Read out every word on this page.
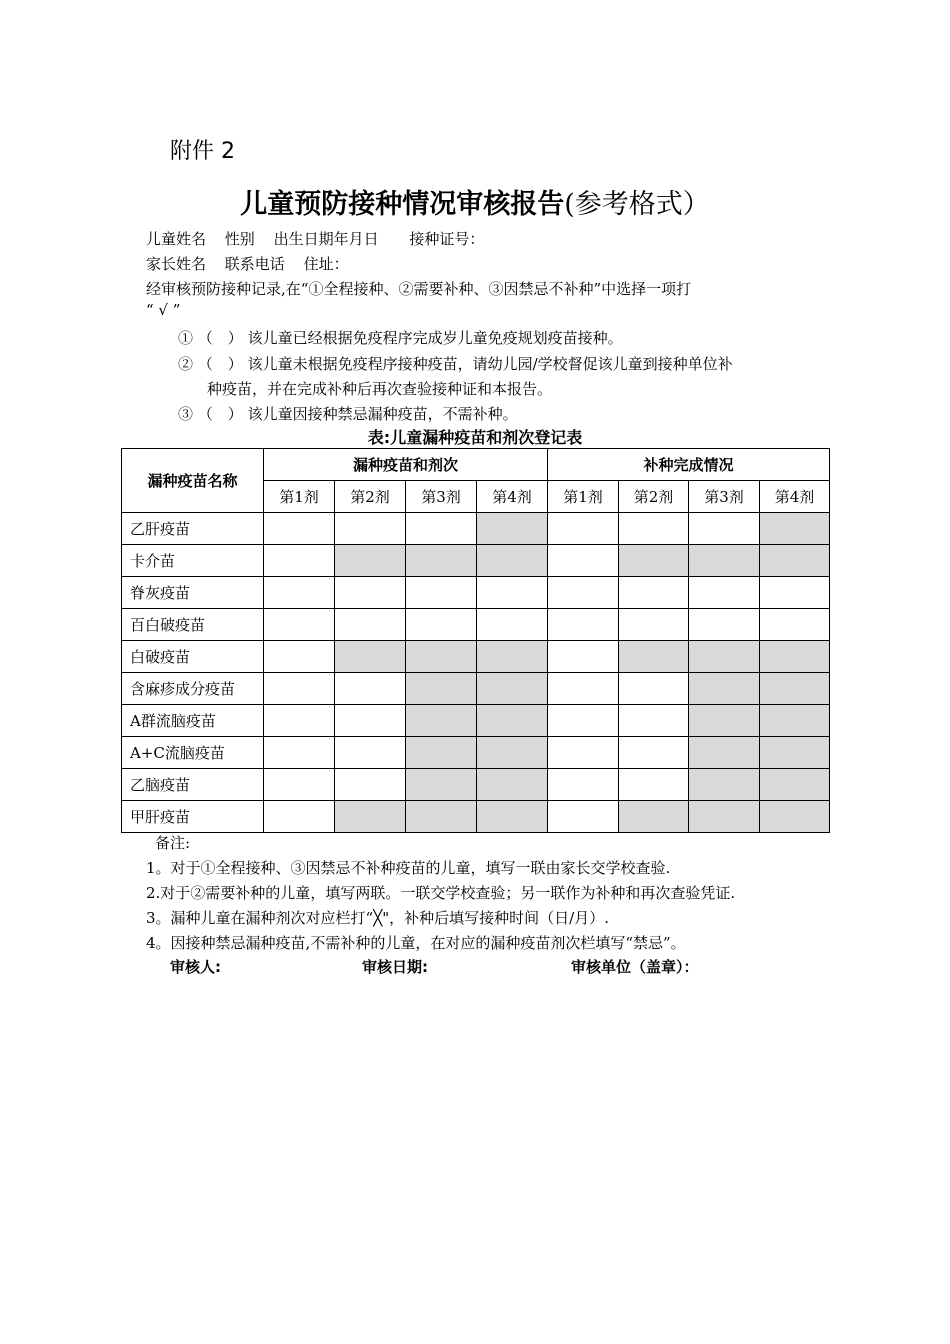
附件 2
儿童预防接种情况审核报告(参考格式）
儿童姓名 性别 出生日期年月日 接种证号：
家长姓名 联系电话 住址：
经审核预防接种记录,在“①全程接种、②需要补种、③因禁忌不补种”中选择一项打
“ √ ”
① （　） 该儿童已经根据免疫程序完成岁儿童免疫规划疫苗接种。
② （　） 该儿童未根据免疫程序接种疫苗，请幼儿园/学校督促该儿童到接种单位补
种疫苗，并在完成补种后再次查验接种证和本报告。
③ （　） 该儿童因接种禁忌漏种疫苗，不需补种。
表:儿童漏种疫苗和剂次登记表
漏种疫苗名称	漏种疫苗和剂次				补种完成情况			
	第1剂	第2剂	第3剂	第4剂	第1剂	第2剂	第3剂	第4剂
乙肝疫苗								
卡介苗								
脊灰疫苗								
百白破疫苗								
白破疫苗								
含麻疹成分疫苗								
A群流脑疫苗								
A+C流脑疫苗								
乙脑疫苗								
甲肝疫苗								
备注:
1。对于①全程接种、③因禁忌不补种疫苗的儿童，填写一联由家长交学校查验.
2.对于②需要补种的儿童，填写两联。一联交学校查验；另一联作为补种和再次查验凭证.
3。漏种儿童在漏种剂次对应栏打“╳"，补种后填写接种时间（日/月）.
4。因接种禁忌漏种疫苗,不需补种的儿童，在对应的漏种疫苗剂次栏填写“禁忌”。
审核人:	审核日期:	审核单位（盖章）：
